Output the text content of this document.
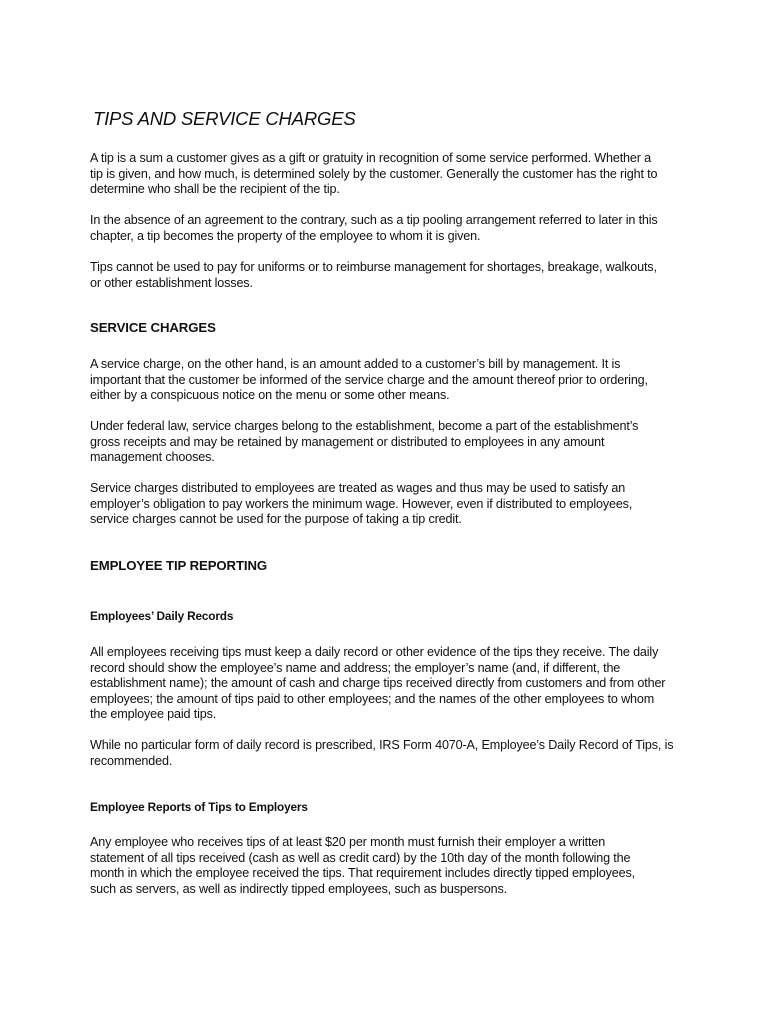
TIPS AND SERVICE CHARGES

A tip is a sum a customer gives as a gift or gratuity in recognition of some service performed. Whether a
tip is given, and how much, is determined solely by the customer. Generally the customer has the right to
determine who shall be the recipient of the tip.

In the absence of an agreement to the contrary, such as a tip pooling arrangement referred to later in this
chapter, a tip becomes the property of the employee to whom it is given.

Tips cannot be used to pay for uniforms or to reimburse management for shortages, breakage, walkouts,
or other establishment losses.

SERVICE CHARGES

A service charge, on the other hand, is an amount added to a customer’s bill by management. It is
important that the customer be informed of the service charge and the amount thereof prior to ordering,
either by a conspicuous notice on the menu or some other means.

Under federal law, service charges belong to the establishment, become a part of the establishment’s
gross receipts and may be retained by management or distributed to employees in any amount
management chooses.

Service charges distributed to employees are treated as wages and thus may be used to satisfy an
employer’s obligation to pay workers the minimum wage. However, even if distributed to employees,
service charges cannot be used for the purpose of taking a tip credit.

EMPLOYEE TIP REPORTING
Employees’ Daily Records

All employees receiving tips must keep a daily record or other evidence of the tips they receive. The daily
record should show the employee’s name and address; the employer’s name (and, if different, the
establishment name); the amount of cash and charge tips received directly from customers and from other
employees; the amount of tips paid to other employees; and the names of the other employees to whom
the employee paid tips.

While no particular form of daily record is prescribed, IRS Form 4070-A, Employee’s Daily Record of Tips, is
recommended.

Employee Reports of Tips to Employers

Any employee who receives tips of at least $20 per month must furnish their employer a written
statement of all tips received (cash as well as credit card) by the 10th day of the month following the
month in which the employee received the tips. That requirement includes directly tipped employees,
such as servers, as well as indirectly tipped employees, such as buspersons.
